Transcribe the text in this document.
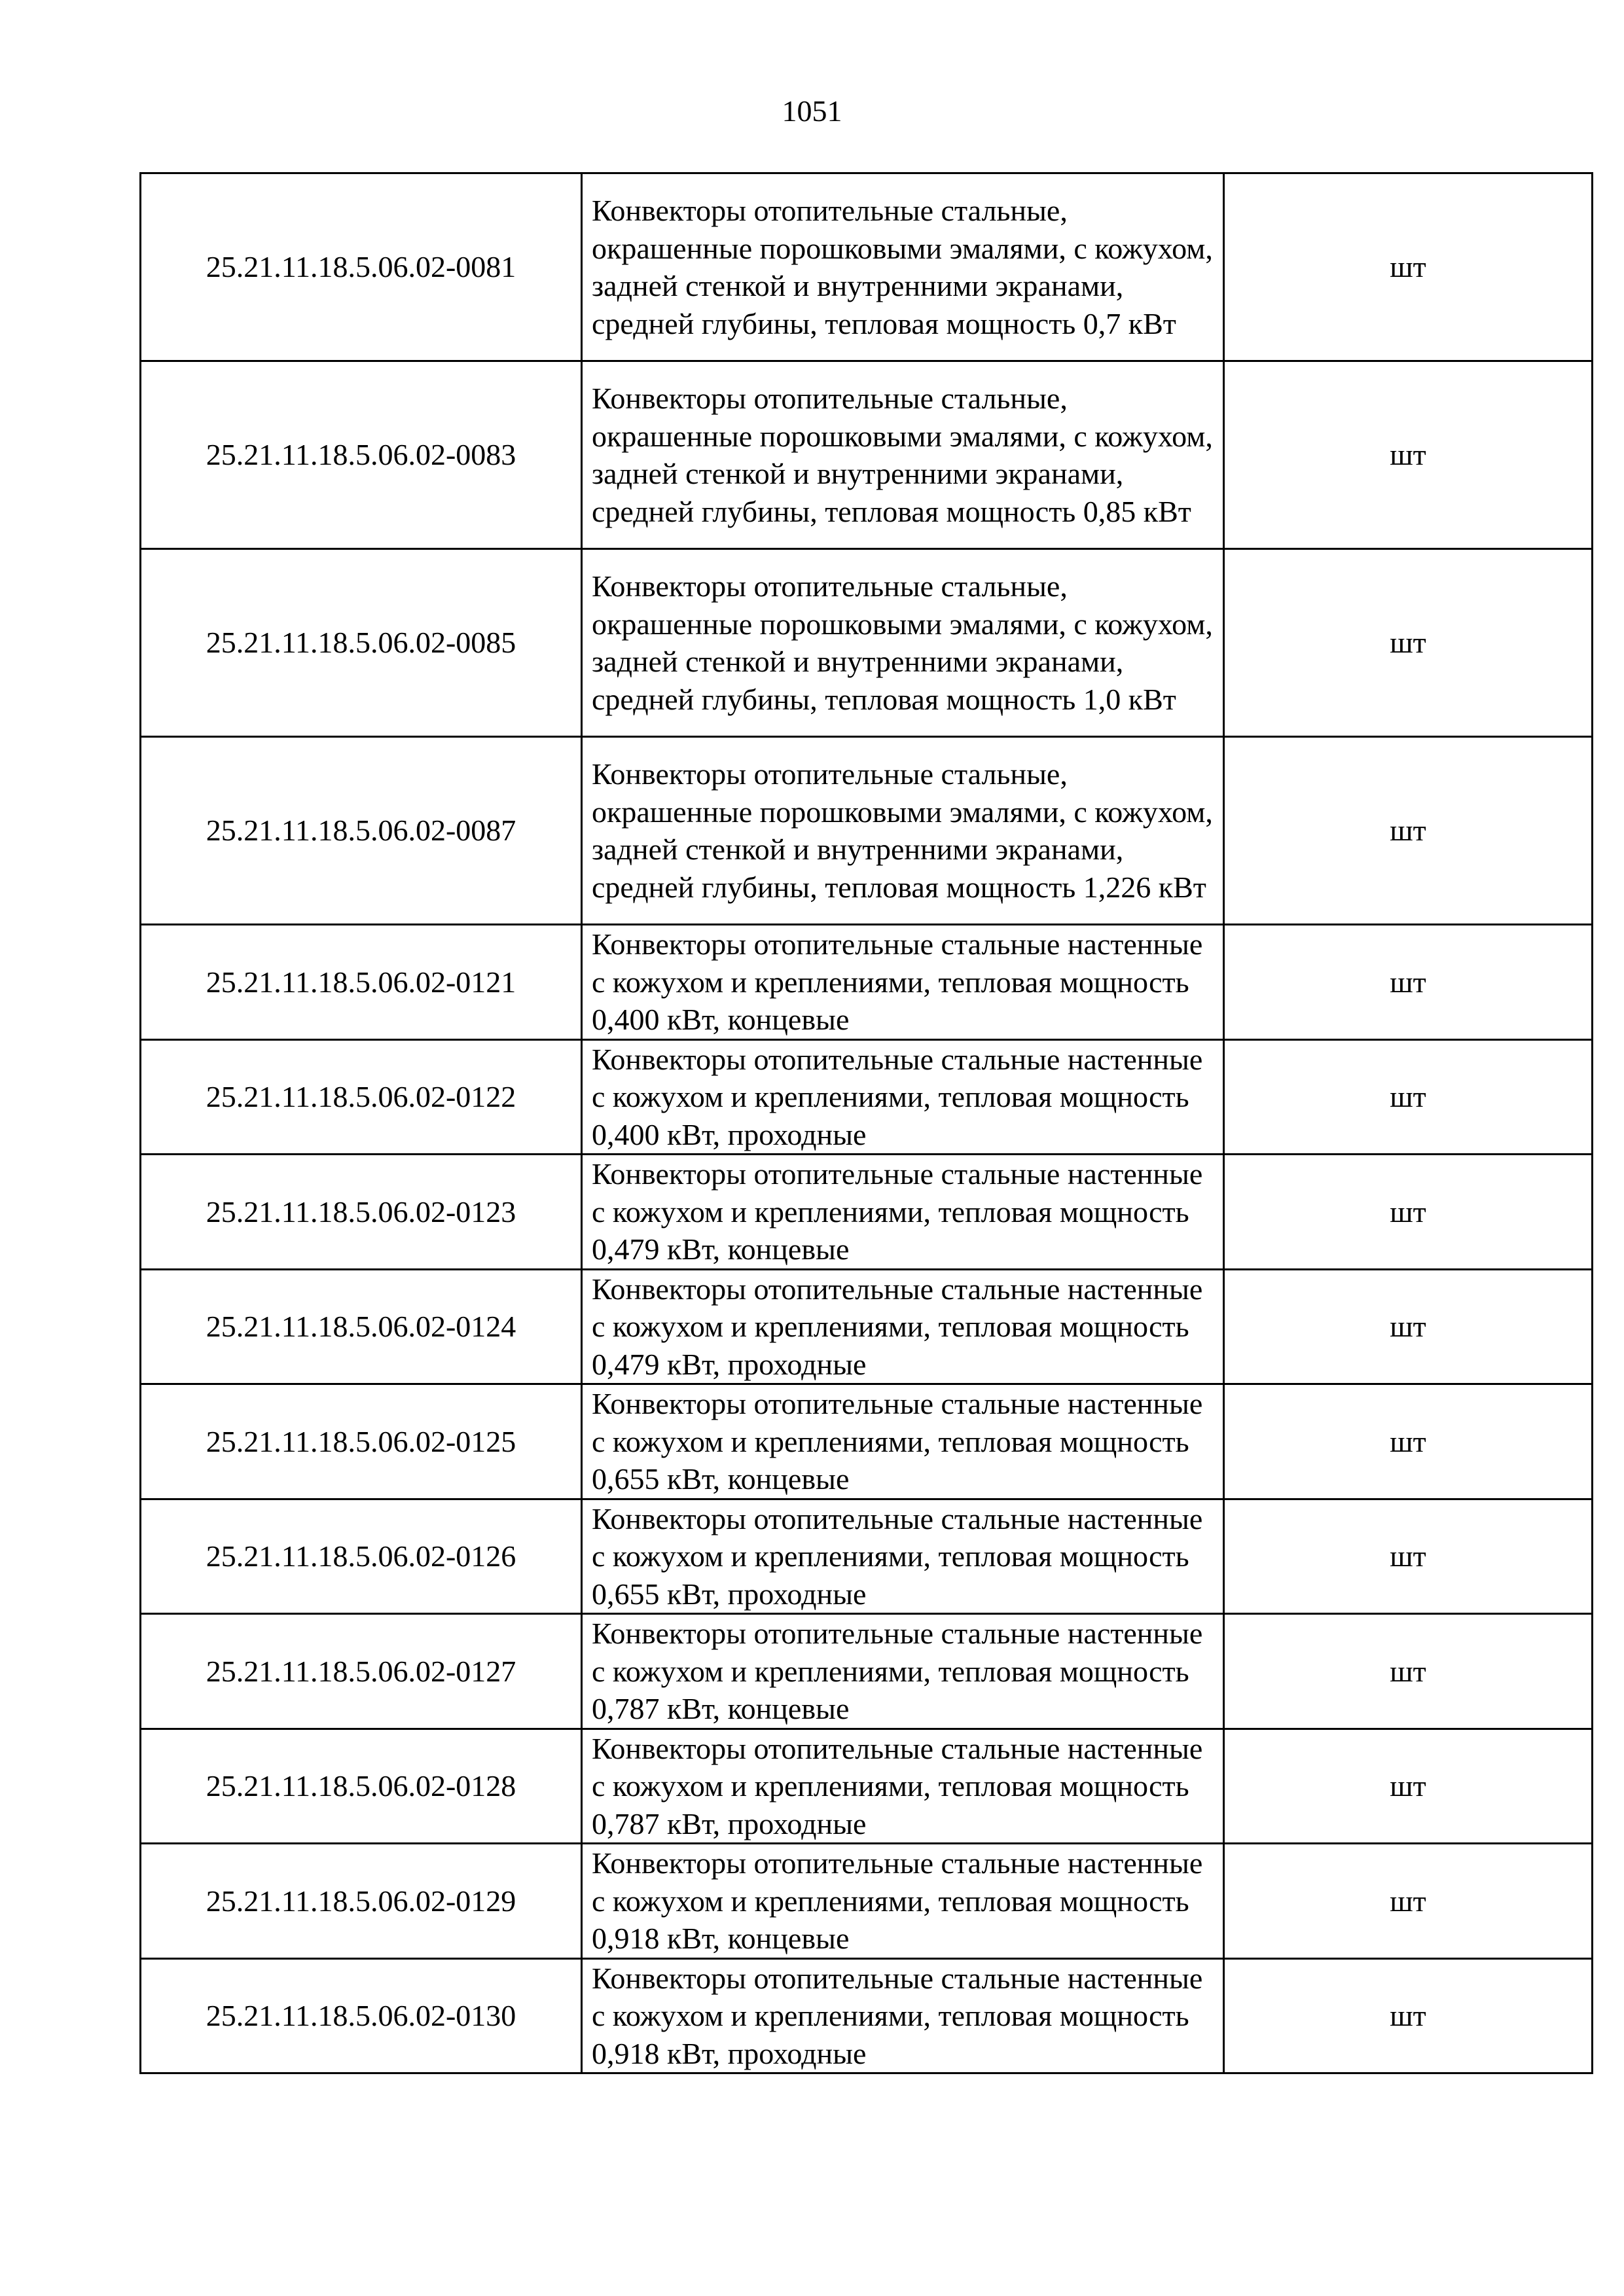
1051
25.21.11.18.5.06.02-0081	Конвекторы отопительные стальные, окрашенные порошковыми эмалями, с кожухом, задней стенкой и внутренними экранами, средней глубины, тепловая мощность 0,7 кВт	шт
25.21.11.18.5.06.02-0083	Конвекторы отопительные стальные, окрашенные порошковыми эмалями, с кожухом, задней стенкой и внутренними экранами, средней глубины, тепловая мощность 0,85 кВт	шт
25.21.11.18.5.06.02-0085	Конвекторы отопительные стальные, окрашенные порошковыми эмалями, с кожухом, задней стенкой и внутренними экранами, средней глубины, тепловая мощность 1,0 кВт	шт
25.21.11.18.5.06.02-0087	Конвекторы отопительные стальные, окрашенные порошковыми эмалями, с кожухом, задней стенкой и внутренними экранами, средней глубины, тепловая мощность 1,226 кВт	шт
25.21.11.18.5.06.02-0121	Конвекторы отопительные стальные настенные с кожухом и креплениями, тепловая мощность 0,400 кВт, концевые	шт
25.21.11.18.5.06.02-0122	Конвекторы отопительные стальные настенные с кожухом и креплениями, тепловая мощность 0,400 кВт, проходные	шт
25.21.11.18.5.06.02-0123	Конвекторы отопительные стальные настенные с кожухом и креплениями, тепловая мощность 0,479 кВт, концевые	шт
25.21.11.18.5.06.02-0124	Конвекторы отопительные стальные настенные с кожухом и креплениями, тепловая мощность 0,479 кВт, проходные	шт
25.21.11.18.5.06.02-0125	Конвекторы отопительные стальные настенные с кожухом и креплениями, тепловая мощность 0,655 кВт, концевые	шт
25.21.11.18.5.06.02-0126	Конвекторы отопительные стальные настенные с кожухом и креплениями, тепловая мощность 0,655 кВт, проходные	шт
25.21.11.18.5.06.02-0127	Конвекторы отопительные стальные настенные с кожухом и креплениями, тепловая мощность 0,787 кВт, концевые	шт
25.21.11.18.5.06.02-0128	Конвекторы отопительные стальные настенные с кожухом и креплениями, тепловая мощность 0,787 кВт, проходные	шт
25.21.11.18.5.06.02-0129	Конвекторы отопительные стальные настенные с кожухом и креплениями, тепловая мощность 0,918 кВт, концевые	шт
25.21.11.18.5.06.02-0130	Конвекторы отопительные стальные настенные с кожухом и креплениями, тепловая мощность 0,918 кВт, проходные	шт
